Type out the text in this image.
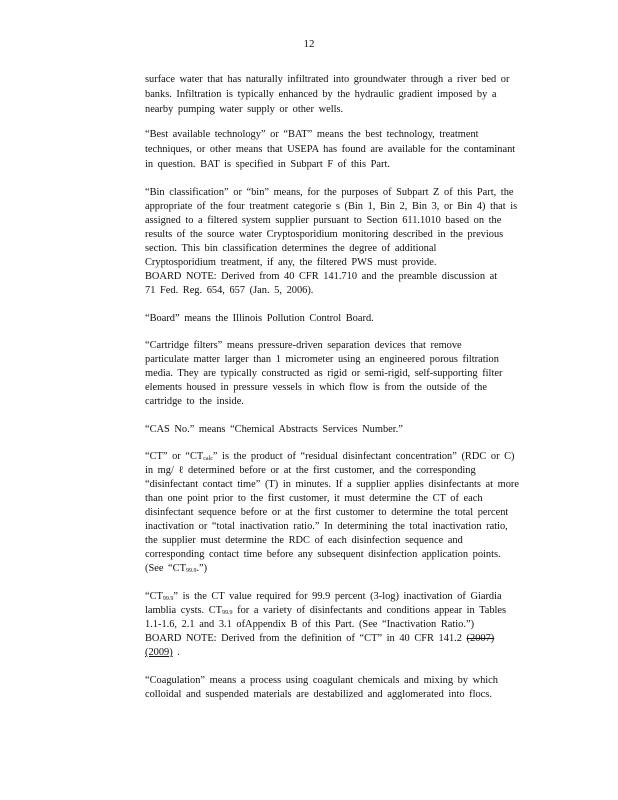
12
surface water that has naturally infiltrated into groundwater through a river bed or
banks. Infiltration is typically enhanced by the hydraulic gradient imposed by a
nearby pumping water supply or other wells.
“Best available technology” or “BAT” means the best technology, treatment
techniques, or other means that USEPA has found are available for the contaminant
in question. BAT is specified in Subpart F of this Part.
“Bin classification” or “bin” means, for the purposes of Subpart Z of this Part, the
appropriate of the four treatment categorie s (Bin 1, Bin 2, Bin 3, or Bin 4) that is
assigned to a filtered system supplier pursuant to Section 611.1010 based on the
results of the source water Cryptosporidium monitoring described in the previous
section. This bin classification determines the degree of additional
Cryptosporidium treatment, if any, the filtered PWS must provide.
BOARD NOTE: Derived from 40 CFR 141.710 and the preamble discussion at
71 Fed. Reg. 654, 657 (Jan. 5, 2006).
“Board” means the Illinois Pollution Control Board.
“Cartridge filters” means pressure-driven separation devices that remove
particulate matter larger than 1 micrometer using an engineered porous filtration
media. They are typically constructed as rigid or semi-rigid, self-supporting filter
elements housed in pressure vessels in which flow is from the outside of the
cartridge to the inside.
“CAS No.” means “Chemical Abstracts Services Number.”
“CT” or “$CT_{calc}$” is the product of “residual disinfectant concentration” (RDC or C)
in mg/ ℓ determined before or at the first customer, and the corresponding
“disinfectant contact time” (T) in minutes. If a supplier applies disinfectants at more
than one point prior to the first customer, it must determine the CT of each
disinfectant sequence before or at the first customer to determine the total percent
inactivation or “total inactivation ratio.” In determining the total inactivation ratio,
the supplier must determine the RDC of each disinfection sequence and
corresponding contact time before any subsequent disinfection application points.
(See “$CT_{99.9}$.”)
“$CT_{99.9}$” is the CT value required for 99.9 percent (3-log) inactivation of Giardia
lamblia cysts. $CT_{99.9}$ for a variety of disinfectants and conditions appear in Tables
1.1-1.6, 2.1 and 3.1 ofAppendix B of this Part. (See “Inactivation Ratio.”)
BOARD NOTE: Derived from the definition of “CT” in 40 CFR 141.2 (2007)
(2009) .
“Coagulation” means a process using coagulant chemicals and mixing by which
colloidal and suspended materials are destabilized and agglomerated into flocs.
